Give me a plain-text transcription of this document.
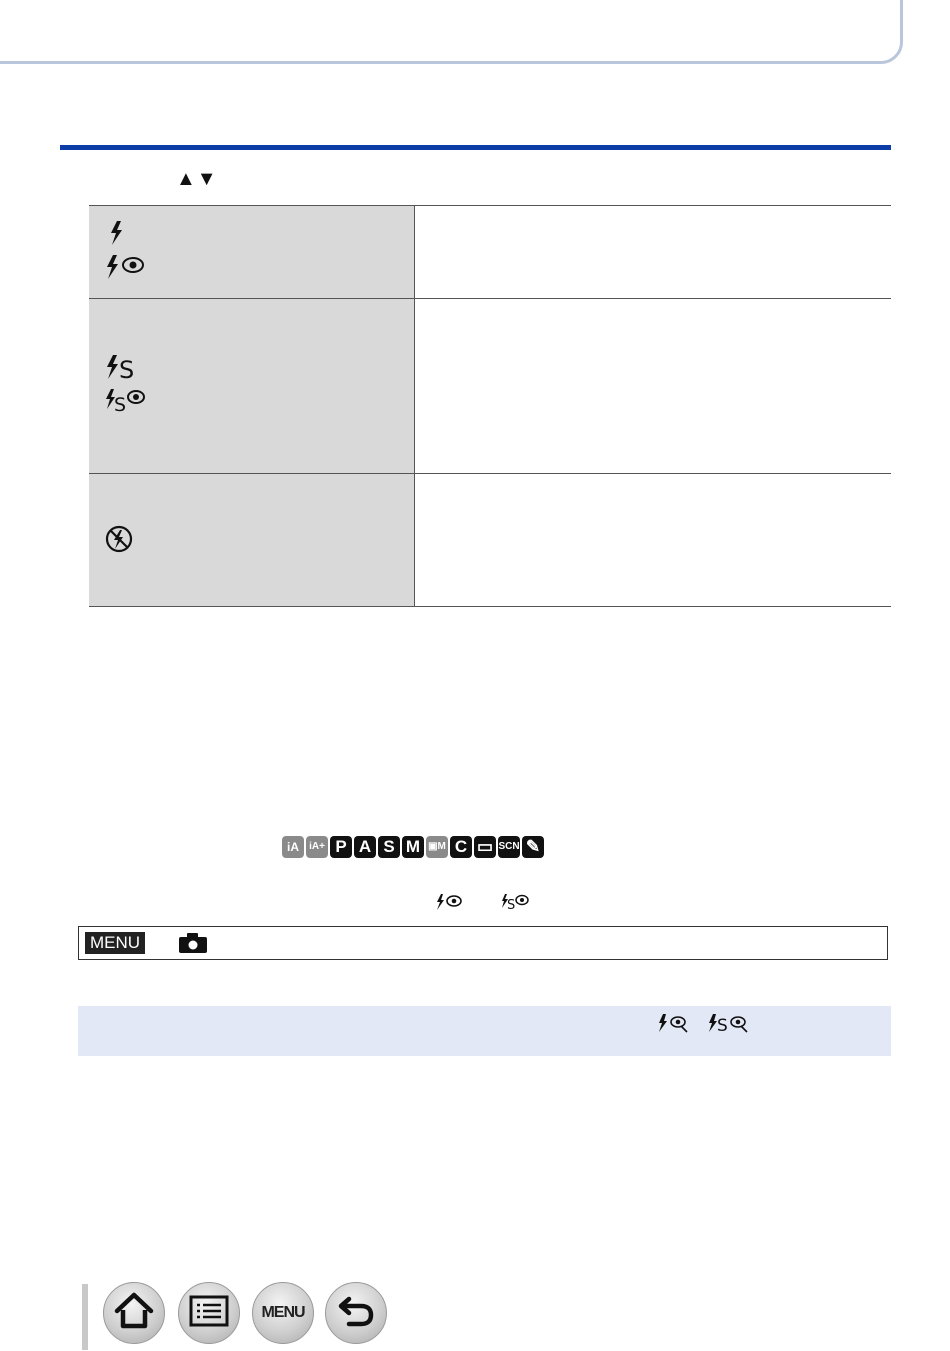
▲▼

S
S	

iA	iA+ P A S M ▣M C ▭ SCN ✎
S
MENU
S
MENU
